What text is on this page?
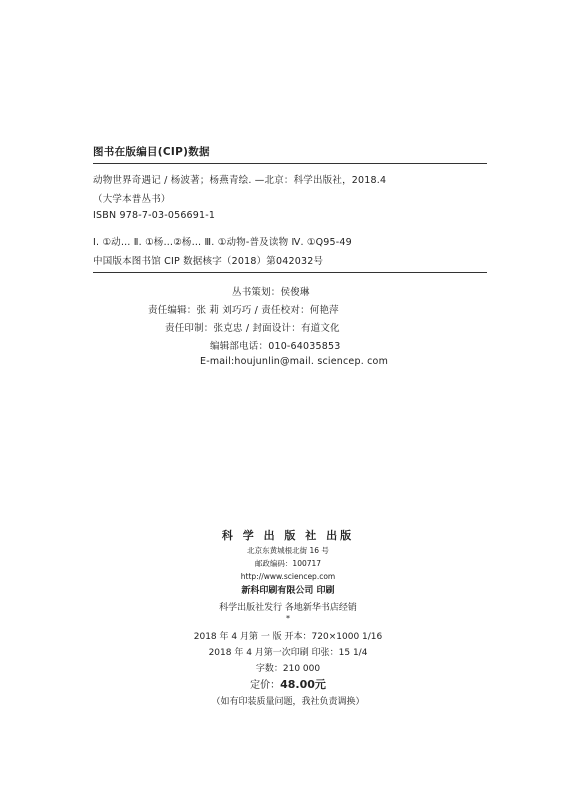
图书在版编目(CIP)数据
动物世界奇遇记 / 杨波著；杨燕青绘. —北京：科学出版社，2018.4
（大学本普丛书）
ISBN 978-7-03-056691-1
Ⅰ. ①动… Ⅱ. ①杨…②杨… Ⅲ. ①动物-普及读物 Ⅳ. ①Q95-49
中国版本图书馆 CIP 数据核字（2018）第042032号
丛书策划：侯俊琳
责任编辑：张 莉 刘巧巧 / 责任校对：何艳萍
责任印制：张克忠 / 封面设计：有道文化
编辑部电话：010-64035853
E-mail:houjunlin@mail. sciencep. com
科 学 出 版 社 出版
北京东黄城根北街 16 号
邮政编码：100717
http://www.sciencep.com
新科印刷有限公司 印刷
科学出版社发行 各地新华书店经销
*
2018 年 4 月第 一 版 开本：720×1000 1/16
2018 年 4 月第一次印刷 印张：15 1/4
字数：210 000
定价：48.00元
（如有印装质量问题，我社负责调换）
